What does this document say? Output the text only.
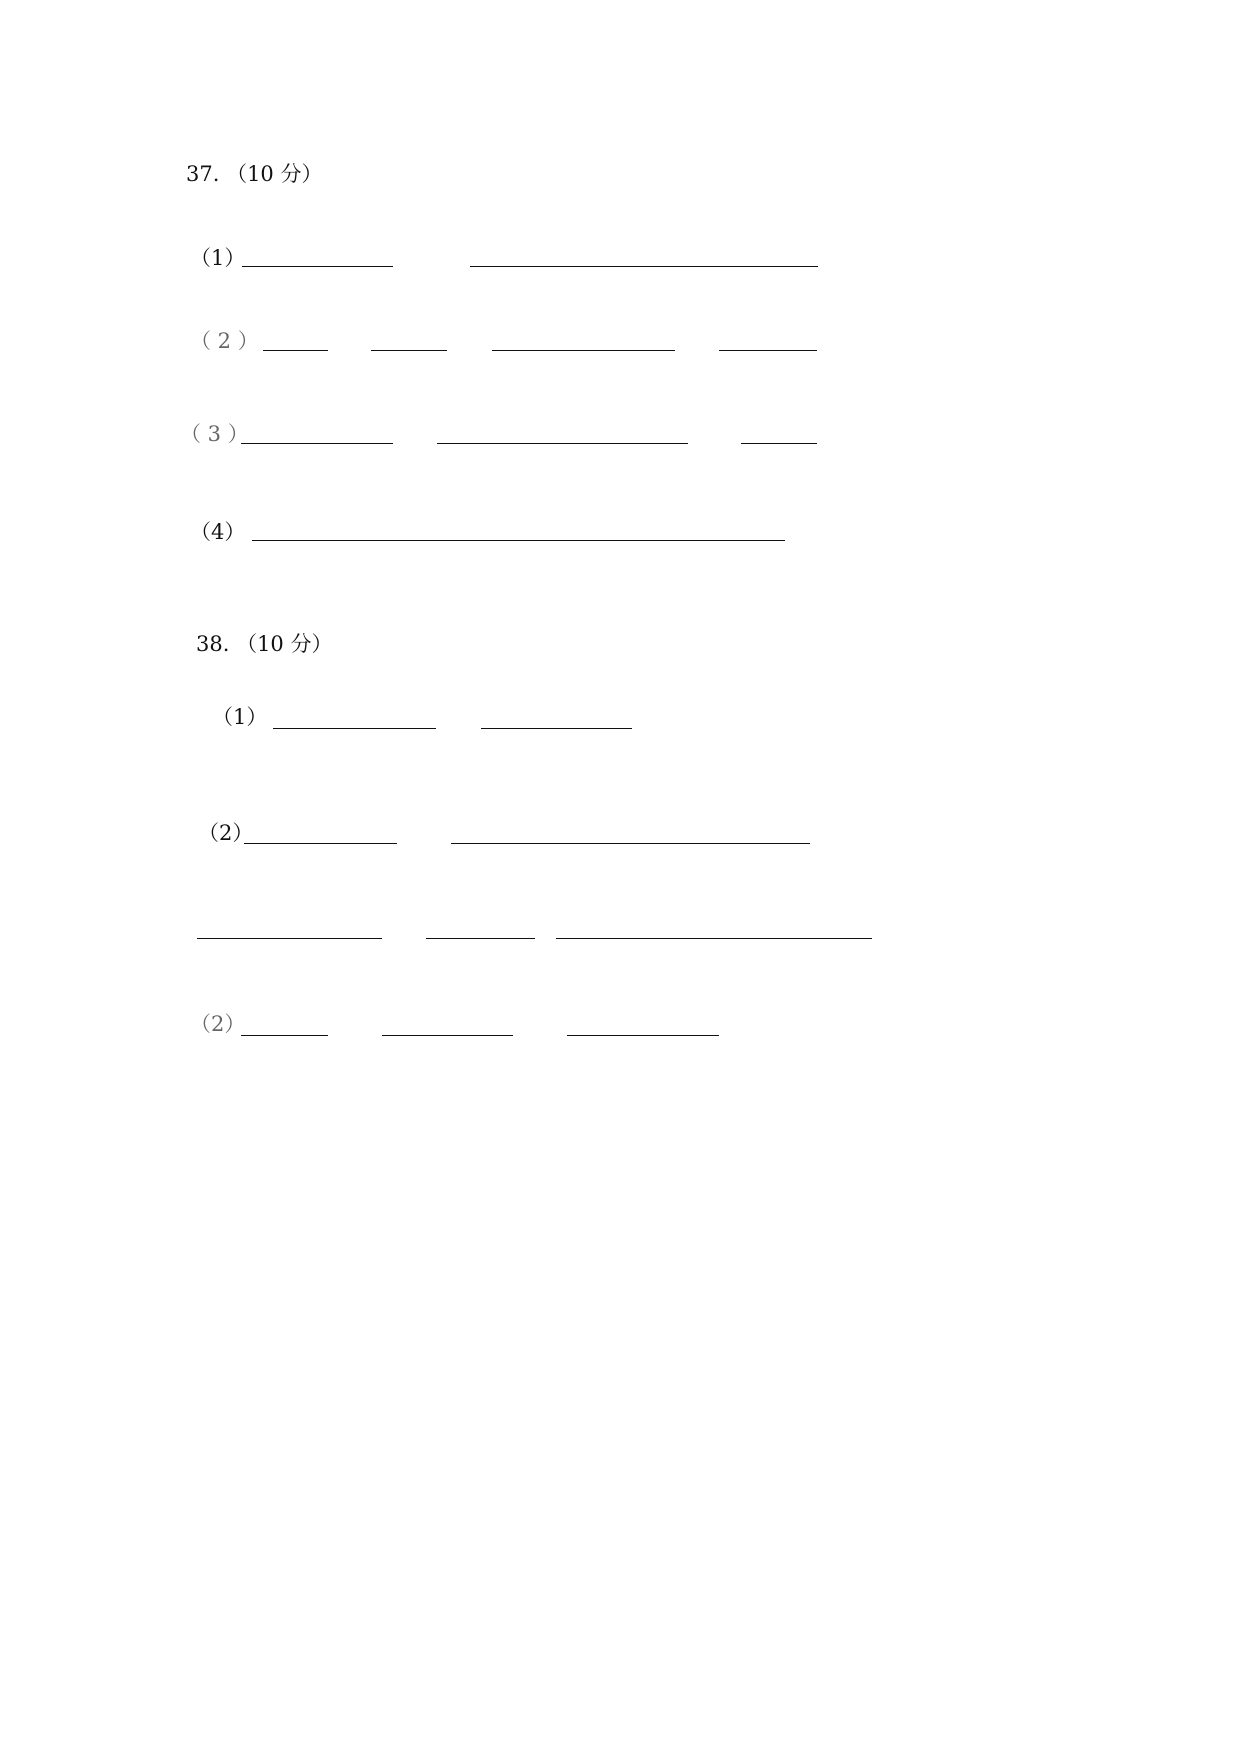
37. （10 分）
（1）
（ 2 ）
（ 3 ）
（4）
38. （10 分）
（1）
（2）
（2）
